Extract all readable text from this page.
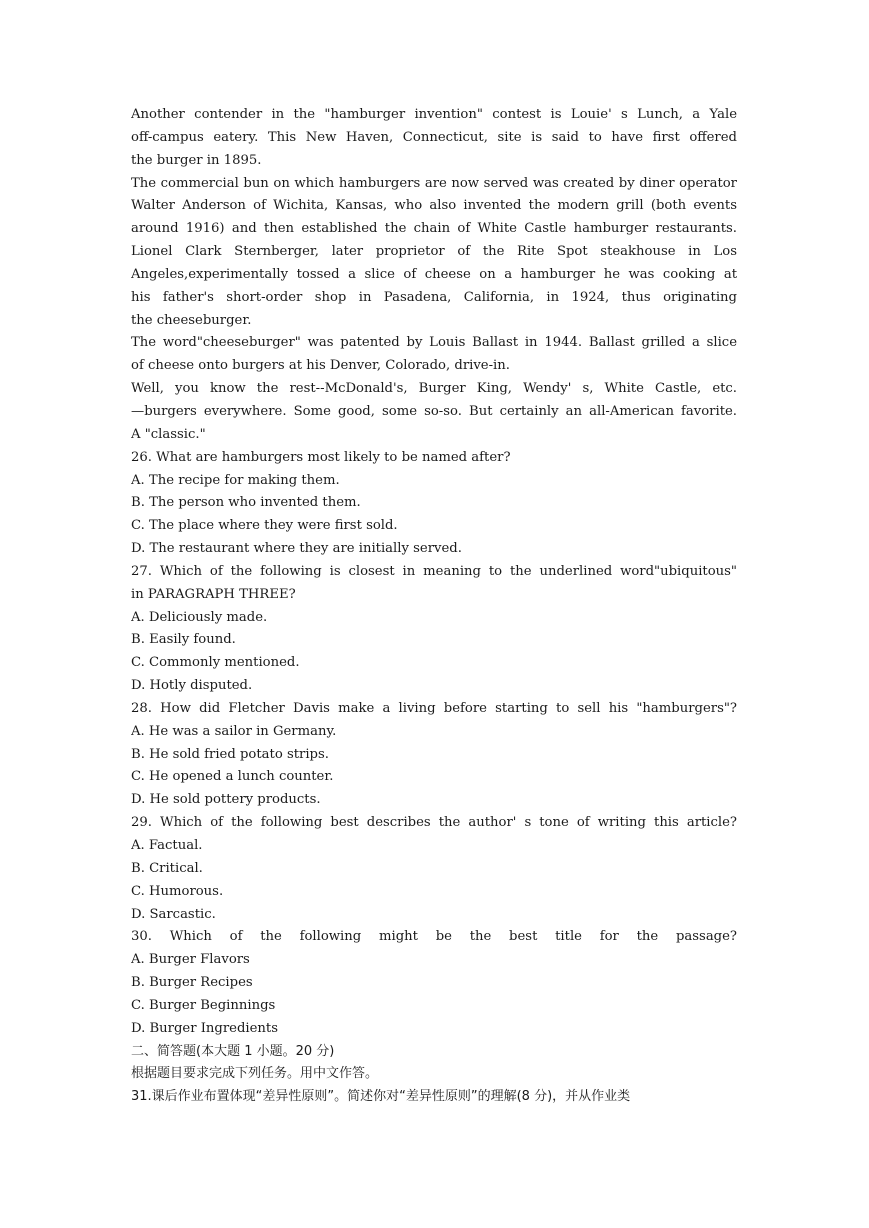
Another contender in the "hamburger invention" contest is Louie' s Lunch, a Yale
off-campus eatery. This New Haven, Connecticut, site is said to have first offered
the burger in 1895.
The commercial bun on which hamburgers are now served was created by diner operator
Walter Anderson of Wichita, Kansas, who also invented the modern grill (both events
around 1916) and then established the chain of White Castle hamburger restaurants.
Lionel Clark Sternberger, later proprietor of the Rite Spot steakhouse in Los
Angeles,experimentally tossed a slice of cheese on a hamburger he was cooking at
his father's short-order shop in Pasadena, California, in 1924, thus originating
the cheeseburger.
The word"cheeseburger" was patented by Louis Ballast in 1944. Ballast grilled a slice
of cheese onto burgers at his Denver, Colorado, drive-in.
Well, you know the rest--McDonald's, Burger King, Wendy' s, White Castle, etc.
—burgers everywhere. Some good, some so-so. But certainly an all-American favorite.
A "classic."
26. What are hamburgers most likely to be named after?
A. The recipe for making them.
B. The person who invented them.
C. The place where they were first sold.
D. The restaurant where they are initially served.
27. Which of the following is closest in meaning to the underlined word"ubiquitous"
in PARAGRAPH THREE?
A. Deliciously made.
B. Easily found.
C. Commonly mentioned.
D. Hotly disputed.
28. How did Fletcher Davis make a living before starting to sell his "hamburgers"?
A. He was a sailor in Germany.
B. He sold fried potato strips.
C. He opened a lunch counter.
D. He sold pottery products.
29. Which of the following best describes the author' s tone of writing this article?
A. Factual.
B. Critical.
C. Humorous.
D. Sarcastic.
30. Which of the following might be the best title for the passage?
A. Burger Flavors
B. Burger Recipes
C. Burger Beginnings
D. Burger Ingredients
二、简答题(本大题 1 小题。20 分)
根据题目要求完成下列任务。用中文作答。
31.课后作业布置体现“差异性原则”。简述你对“差异性原则”的理解(8 分)，并从作业类
